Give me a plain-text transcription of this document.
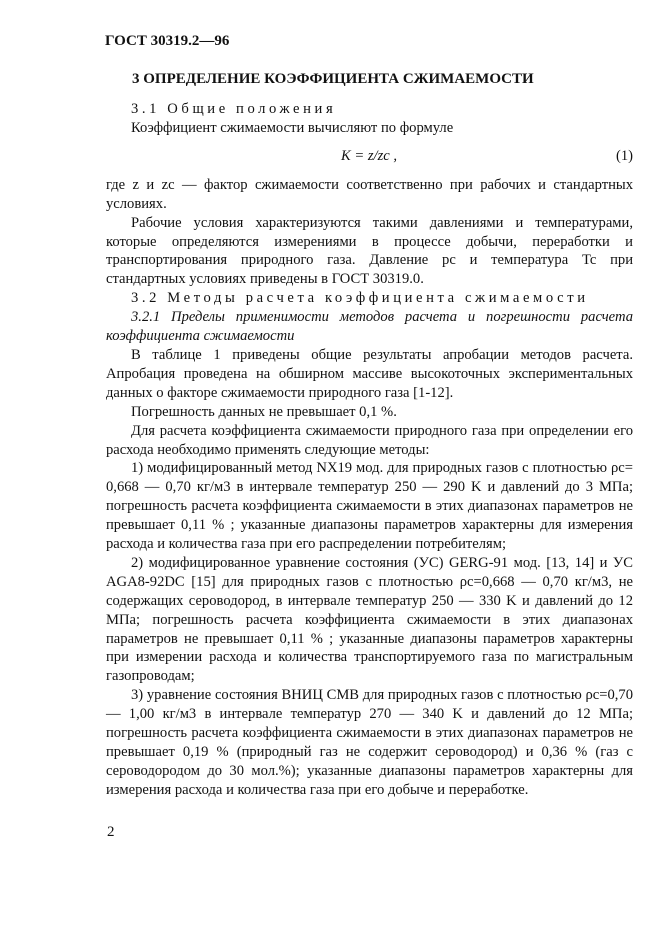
ГОСТ 30319.2—96
3 ОПРЕДЕЛЕНИЕ КОЭФФИЦИЕНТА СЖИМАЕМОСТИ

3.1 Общие положения

Коэффициент сжимаемости вычисляют по формуле

K = z/zc ,	(1)

где z и zc — фактор сжимаемости соответственно при рабочих и стандартных условиях.

Рабочие условия характеризуются такими давлениями и температурами, которые определяются измерениями в процессе добычи, переработки и транспортирования природного газа. Давление pc и температура Tc при стандартных условиях приведены в ГОСТ 30319.0.

3.2 Методы расчета коэффициента сжимаемости

3.2.1 Пределы применимости методов расчета и погрешности расчета коэффициента сжимаемости

В таблице 1 приведены общие результаты апробации методов расчета. Апробация проведена на обширном массиве высокоточных экспериментальных данных о факторе сжимаемости природного газа [1-12].

Погрешность данных не превышает 0,1 %.

Для расчета коэффициента сжимаемости природного газа при определении его расхода необходимо применять следующие методы:

1) модифицированный метод NX19 мод. для природных газов с плотностью ρc= 0,668 — 0,70 кг/м3 в интервале температур 250 — 290 K и давлений до 3 МПа; погрешность расчета коэффициента сжимаемости в этих диапазонах параметров не превышает 0,11 % ; указанные диапазоны параметров характерны для измерения расхода и количества газа при его распределении потребителям;

2) модифицированное уравнение состояния (УС) GERG-91 мод. [13, 14] и УС AGA8-92DC [15] для природных газов с плотностью ρc=0,668 — 0,70 кг/м3, не содержащих сероводород, в интервале температур 250 — 330 K и давлений до 12 МПа; погрешность расчета коэффициента сжимаемости в этих диапазонах параметров не превышает 0,11 % ; указанные диапазоны параметров характерны при измерении расхода и количества транспортируемого газа по магистральным газопроводам;

3) уравнение состояния ВНИЦ СМВ для природных газов с плотностью ρc=0,70 — 1,00 кг/м3 в интервале температур 270 — 340 K и давлений до 12 МПа; погрешность расчета коэффициента сжимаемости в этих диапазонах параметров не превышает 0,19 % (природный газ не содержит сероводород) и 0,36 % (газ с сероводородом до 30 мол.%); указанные диапазоны параметров характерны для измерения расхода и количества газа при его добыче и переработке.

2
